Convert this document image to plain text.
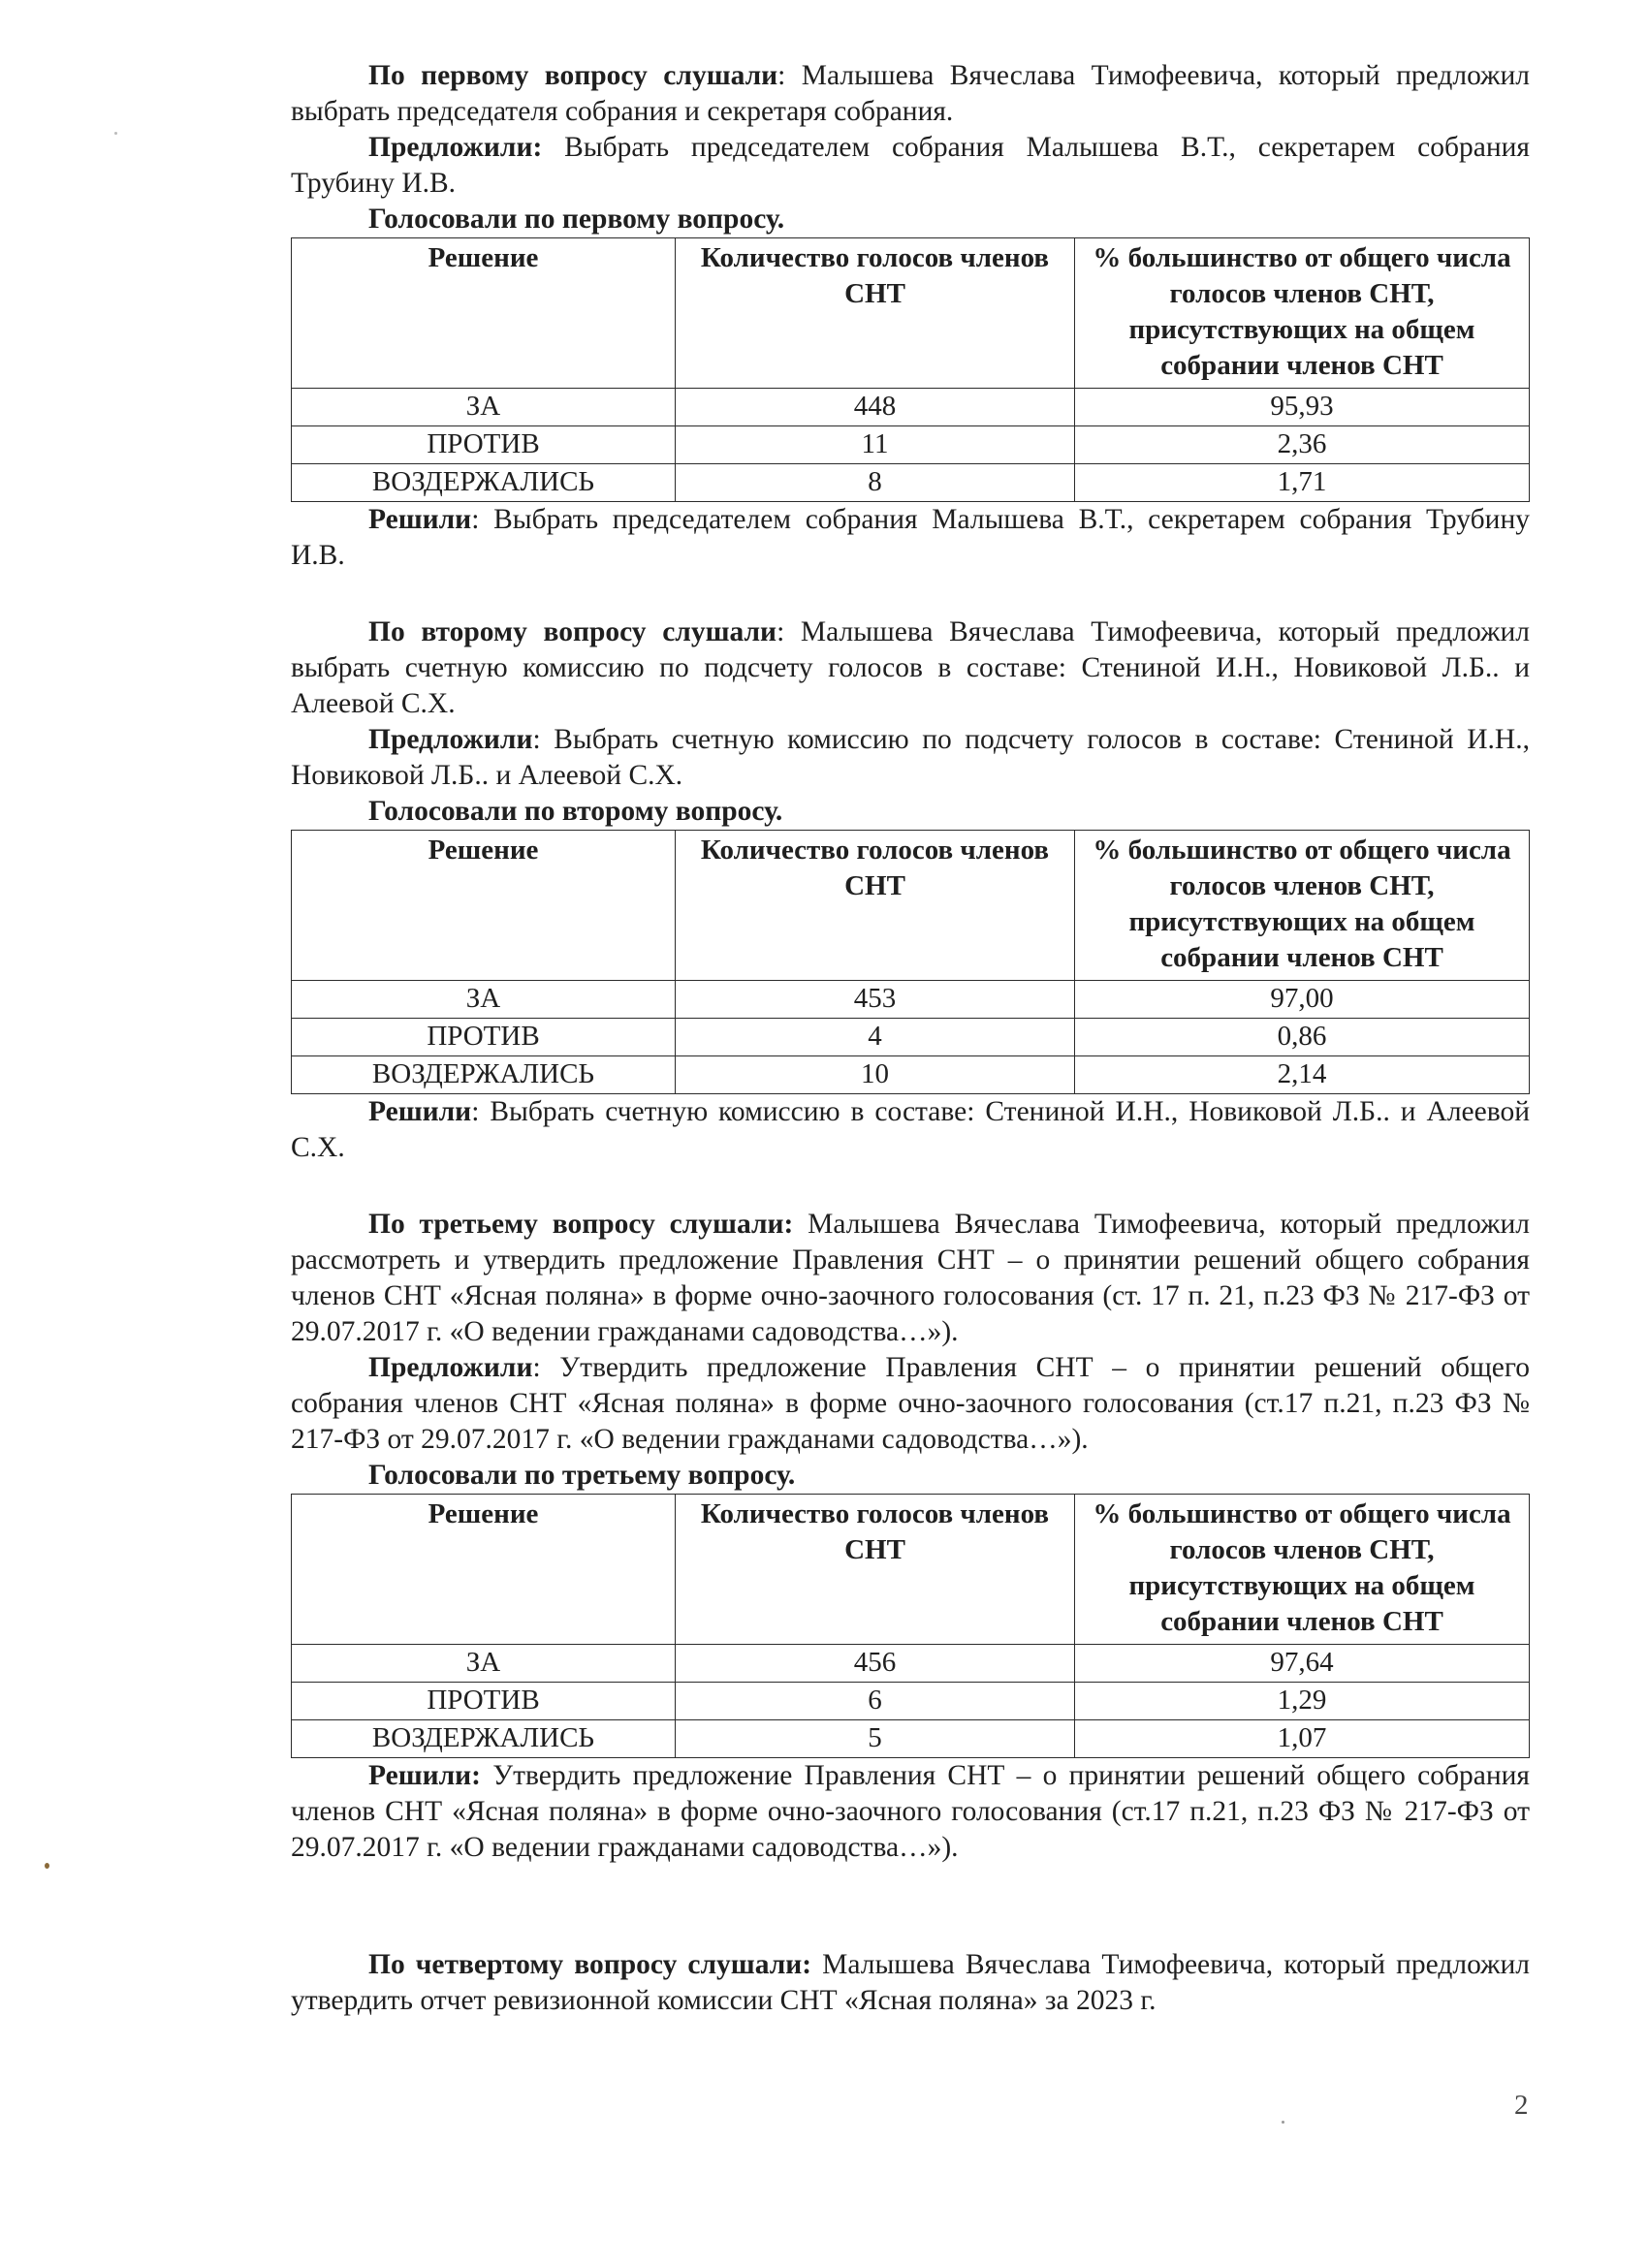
По первому вопросу слушали: Малышева Вячеслава Тимофеевича, который предложил выбрать председателя собрания и секретаря собрания.

Предложили: Выбрать председателем собрания Малышева В.Т., секретарем собрания Трубину И.В.

Голосовали по первому вопросу.
Решение	Количество голосов членов СНТ	% большинство от общего числа голосов членов СНТ, присутствующих на общем собрании членов СНТ
ЗА	448	95,93
ПРОТИВ	11	2,36
ВОЗДЕРЖАЛИСЬ	8	1,71

Решили: Выбрать председателем собрания Малышева В.Т., секретарем собрания Трубину И.В.

По второму вопросу слушали: Малышева Вячеслава Тимофеевича, который предложил выбрать счетную комиссию по подсчету голосов в составе: Стениной И.Н., Новиковой Л.Б.. и Алеевой С.Х.

Предложили: Выбрать счетную комиссию по подсчету голосов в составе: Стениной И.Н., Новиковой Л.Б.. и Алеевой С.Х.

Голосовали по второму вопросу.
Решение	Количество голосов членов СНТ	% большинство от общего числа голосов членов СНТ, присутствующих на общем собрании членов СНТ
ЗА	453	97,00
ПРОТИВ	4	0,86
ВОЗДЕРЖАЛИСЬ	10	2,14

Решили: Выбрать счетную комиссию в составе: Стениной И.Н., Новиковой Л.Б.. и Алеевой С.Х.

По третьему вопросу слушали: Малышева Вячеслава Тимофеевича, который предложил рассмотреть и утвердить предложение Правления СНТ – о принятии решений общего собрания членов СНТ «Ясная поляна» в форме очно-заочного голосования (ст. 17 п. 21, п.23 ФЗ № 217-ФЗ от 29.07.2017 г. «О ведении гражданами садоводства…»).

Предложили: Утвердить предложение Правления СНТ – о принятии решений общего собрания членов СНТ «Ясная поляна» в форме очно-заочного голосования (ст.17 п.21, п.23 ФЗ № 217-ФЗ от 29.07.2017 г. «О ведении гражданами садоводства…»).

Голосовали по третьему вопросу.
Решение	Количество голосов членов СНТ	% большинство от общего числа голосов членов СНТ, присутствующих на общем собрании членов СНТ
ЗА	456	97,64
ПРОТИВ	6	1,29
ВОЗДЕРЖАЛИСЬ	5	1,07

Решили: Утвердить предложение Правления СНТ – о принятии решений общего собрания членов СНТ «Ясная поляна» в форме очно-заочного голосования (ст.17 п.21, п.23 ФЗ № 217-ФЗ от 29.07.2017 г. «О ведении гражданами садоводства…»).

По четвертому вопросу слушали: Малышева Вячеслава Тимофеевича, который предложил утвердить отчет ревизионной комиссии СНТ «Ясная поляна» за 2023 г.

2
